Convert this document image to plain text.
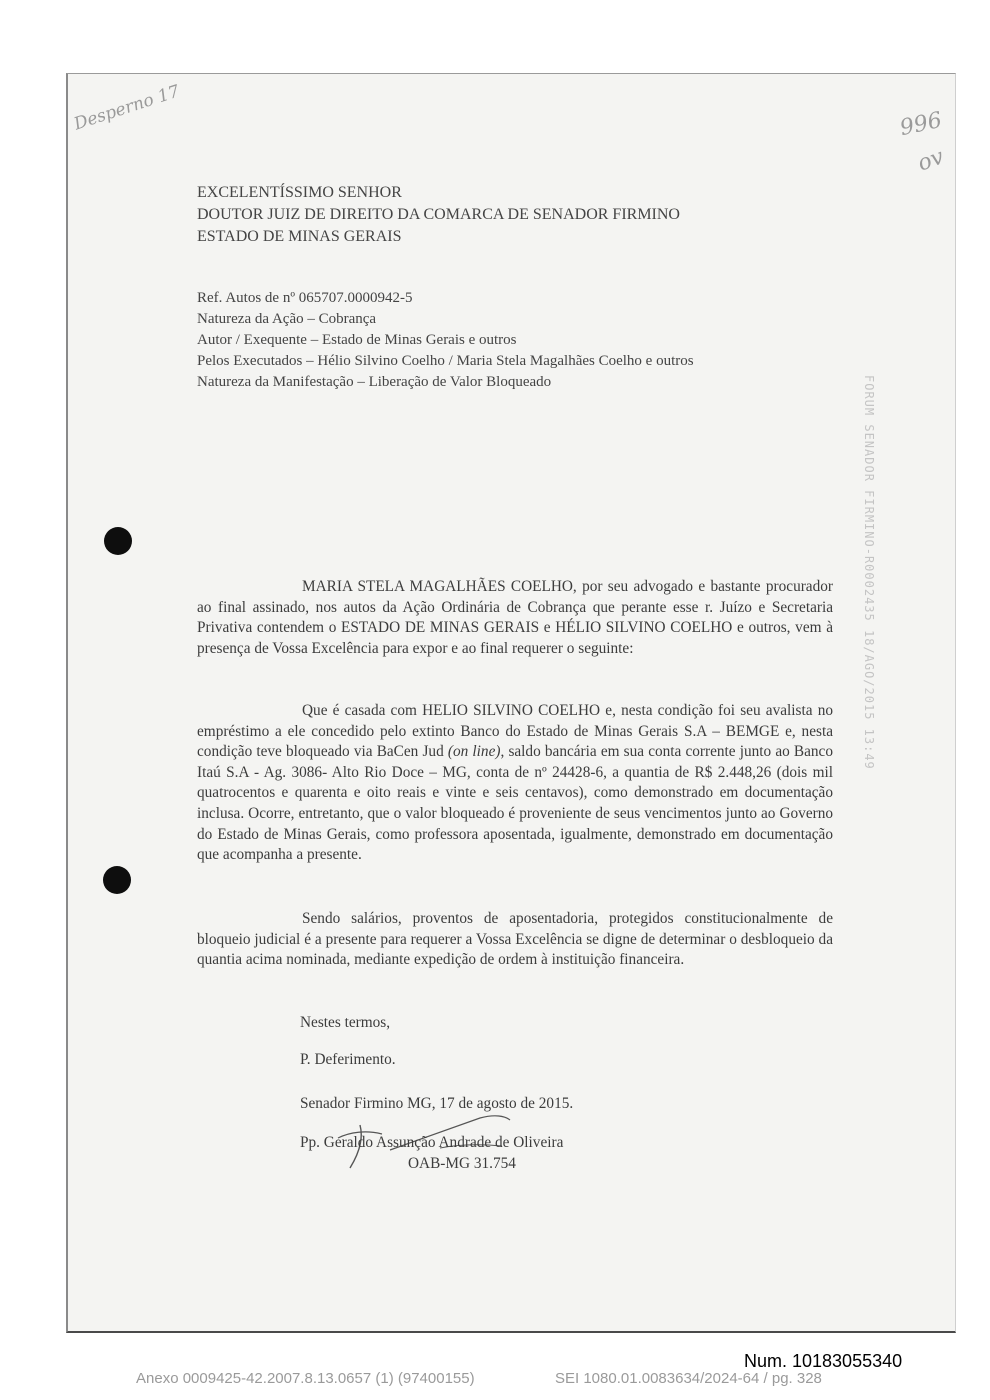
Desperno 17	996
ov
FORUM SENADOR FIRMINO-R0002435 18/AGO/2015 13:49
EXCELENTÍSSIMO SENHOR
DOUTOR JUIZ DE DIREITO DA COMARCA DE SENADOR FIRMINO
ESTADO DE MINAS GERAIS
Ref. Autos de nº 065707.0000942-5
Natureza da Ação – Cobrança
Autor / Exequente – Estado de Minas Gerais e outros
Pelos Executados – Hélio Silvino Coelho / Maria Stela Magalhães Coelho e outros
Natureza da Manifestação – Liberação de Valor Bloqueado
MARIA STELA MAGALHÃES COELHO, por seu advogado e bastante procurador ao final assinado, nos autos da Ação Ordinária de Cobrança que perante esse r. Juízo e Secretaria Privativa contendem o ESTADO DE MINAS GERAIS e HÉLIO SILVINO COELHO e outros, vem à presença de Vossa Excelência para expor e ao final requerer o seguinte:
Que é casada com HELIO SILVINO COELHO e, nesta condição foi seu avalista no empréstimo a ele concedido pelo extinto Banco do Estado de Minas Gerais S.A – BEMGE e, nesta condição teve bloqueado via BaCen Jud (on line), saldo bancária em sua conta corrente junto ao Banco Itaú S.A - Ag. 3086- Alto Rio Doce – MG, conta de nº 24428-6, a quantia de R$ 2.448,26 (dois mil quatrocentos e quarenta e oito reais e vinte e seis centavos), como demonstrado em documentação inclusa. Ocorre, entretanto, que o valor bloqueado é proveniente de seus vencimentos junto ao Governo do Estado de Minas Gerais, como professora aposentada, igualmente, demonstrado em documentação que acompanha a presente.
Sendo salários, proventos de aposentadoria, protegidos constitucionalmente de bloqueio judicial é a presente para requerer a Vossa Excelência se digne de determinar o desbloqueio da quantia acima nominada, mediante expedição de ordem à instituição financeira.
Nestes termos,
P. Deferimento.
Senador Firmino MG, 17 de agosto de 2015.
Pp. Geraldo Assunção Andrade de Oliveira
OAB-MG 31.754
Num. 10183055340
Anexo 0009425-42.2007.8.13.0657 (1) (97400155)	SEI 1080.01.0083634/2024-64 / pg. 328
